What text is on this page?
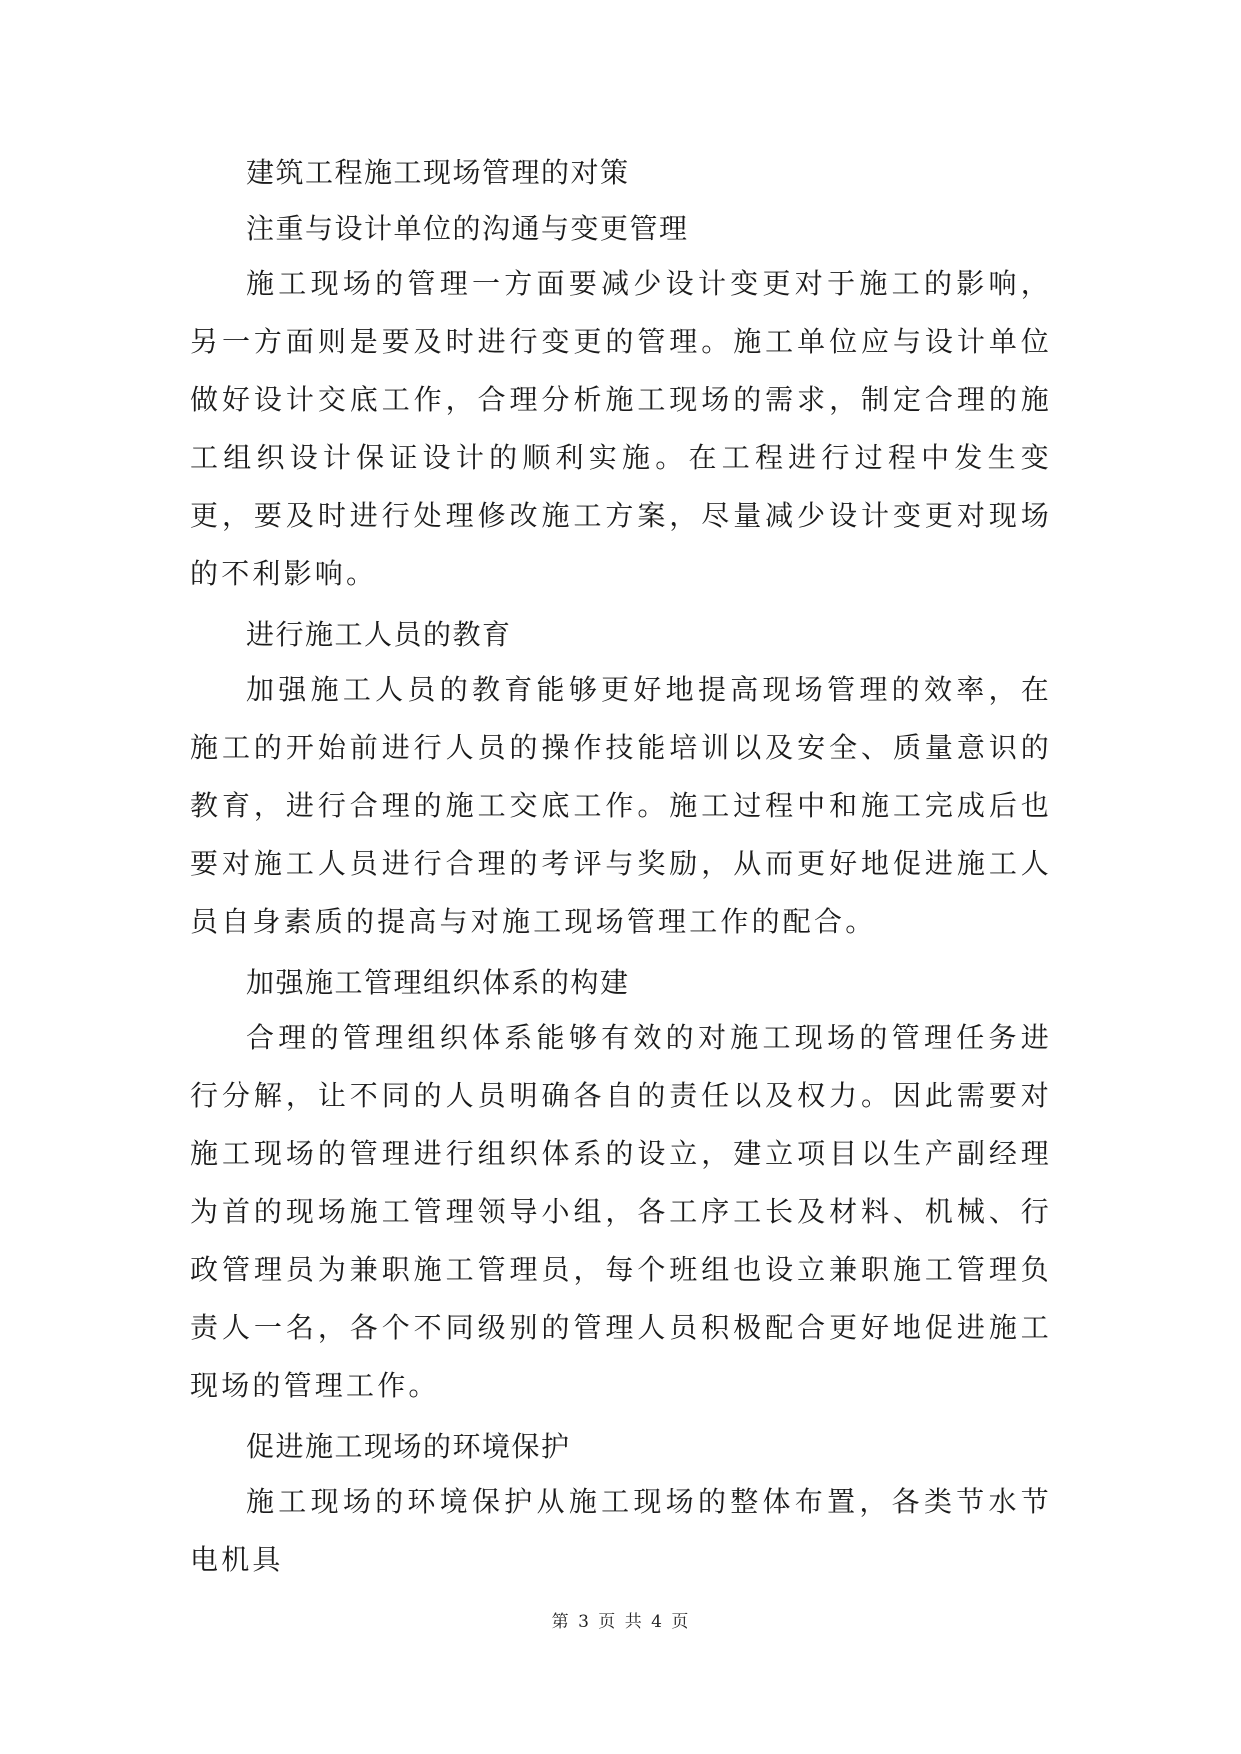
建筑工程施工现场管理的对策
注重与设计单位的沟通与变更管理

施工现场的管理一方面要减少设计变更对于施工的影响，另一方面则是要及时进行变更的管理。施工单位应与设计单位做好设计交底工作，合理分析施工现场的需求，制定合理的施工组织设计保证设计的顺利实施。在工程进行过程中发生变更，要及时进行处理修改施工方案，尽量减少设计变更对现场的不利影响。

进行施工人员的教育

加强施工人员的教育能够更好地提高现场管理的效率，在施工的开始前进行人员的操作技能培训以及安全、质量意识的教育，进行合理的施工交底工作。施工过程中和施工完成后也要对施工人员进行合理的考评与奖励，从而更好地促进施工人员自身素质的提高与对施工现场管理工作的配合。

加强施工管理组织体系的构建

合理的管理组织体系能够有效的对施工现场的管理任务进行分解，让不同的人员明确各自的责任以及权力。因此需要对施工现场的管理进行组织体系的设立，建立项目以生产副经理为首的现场施工管理领导小组，各工序工长及材料、机械、行政管理员为兼职施工管理员，每个班组也设立兼职施工管理负责人一名，各个不同级别的管理人员积极配合更好地促进施工现场的管理工作。

促进施工现场的环境保护

施工现场的环境保护从施工现场的整体布置，各类节水节电机具

第 3 页 共 4 页
